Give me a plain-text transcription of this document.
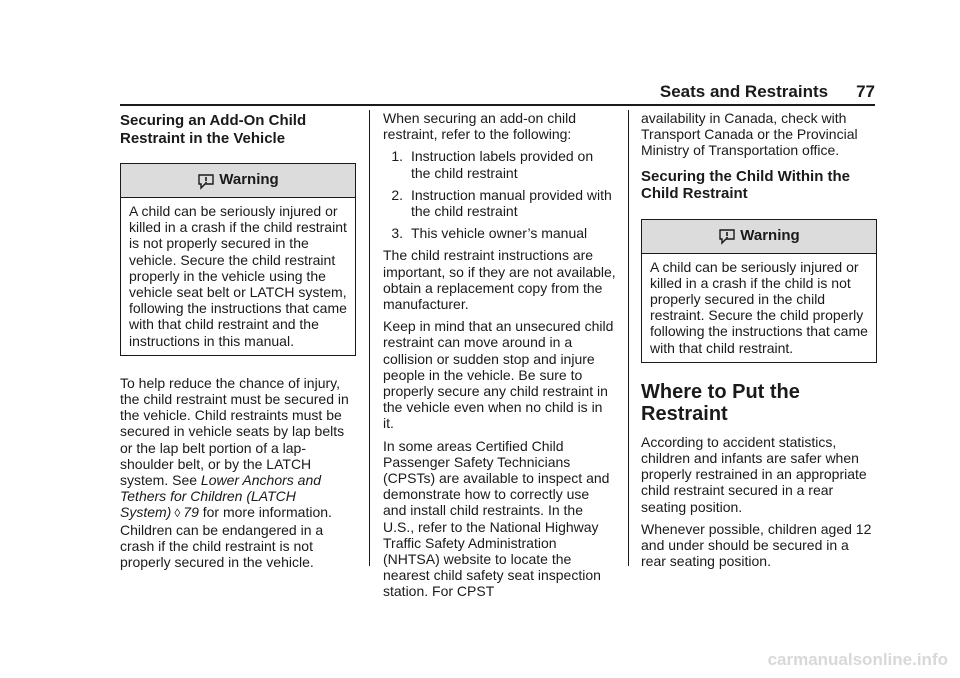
Seats and Restraints 77
Securing an Add-On Child Restraint in the Vehicle
Warning
A child can be seriously injured or killed in a crash if the child restraint is not properly secured in the vehicle. Secure the child restraint properly in the vehicle using the vehicle seat belt or LATCH system, following the instructions that came with that child restraint and the instructions in this manual.

To help reduce the chance of injury, the child restraint must be secured in the vehicle. Child restraints must be secured in vehicle seats by lap belts or the lap belt portion of a lap-shoulder belt, or by the LATCH system. See Lower Anchors and Tethers for Children (LATCH System) ◊ 79 for more information. Children can be endangered in a crash if the child restraint is not properly secured in the vehicle.

When securing an add-on child restraint, refer to the following:

1. Instruction labels provided on the child restraint
2. Instruction manual provided with the child restraint
3. This vehicle owner’s manual

The child restraint instructions are important, so if they are not available, obtain a replacement copy from the manufacturer.

Keep in mind that an unsecured child restraint can move around in a collision or sudden stop and injure people in the vehicle. Be sure to properly secure any child restraint in the vehicle even when no child is in it.

In some areas Certified Child Passenger Safety Technicians (CPSTs) are available to inspect and demonstrate how to correctly use and install child restraints. In the U.S., refer to the National Highway Traffic Safety Administration (NHTSA) website to locate the nearest child safety seat inspection station. For CPST

availability in Canada, check with Transport Canada or the Provincial Ministry of Transportation office.

Securing the Child Within the Child Restraint
Warning
A child can be seriously injured or killed in a crash if the child is not properly secured in the child restraint. Secure the child properly following the instructions that came with that child restraint.
Where to Put the Restraint

According to accident statistics, children and infants are safer when properly restrained in an appropriate child restraint secured in a rear seating position.

Whenever possible, children aged 12 and under should be secured in a rear seating position.

carmanualsonline.info
